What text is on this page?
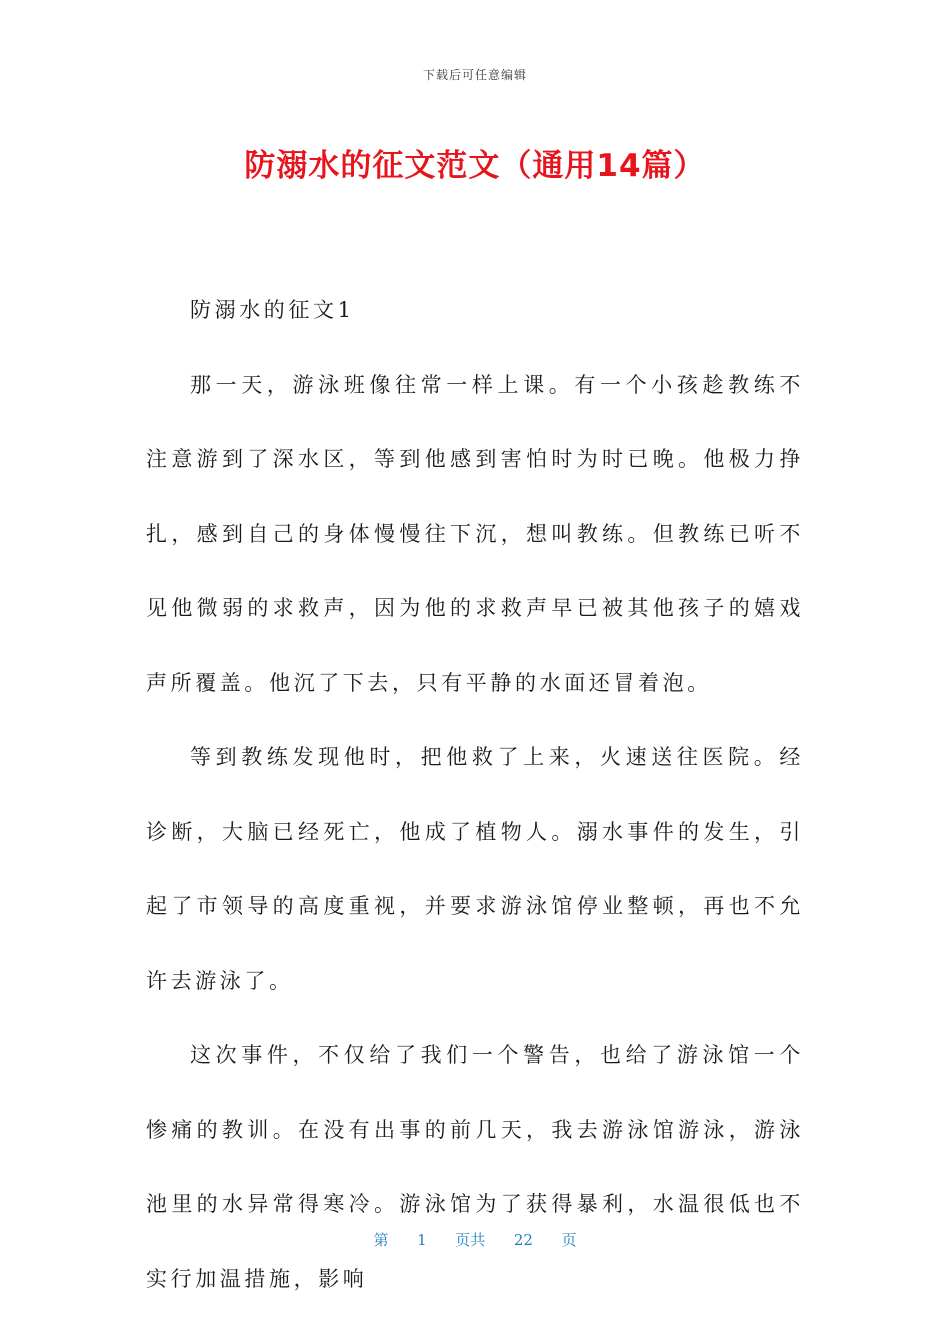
下载后可任意编辑
防溺水的征文范文（通用14篇）

防溺水的征文1

那一天，游泳班像往常一样上课。有一个小孩趁教练不注意游到了深水区，等到他感到害怕时为时已晚。他极力挣扎，感到自己的身体慢慢往下沉，想叫教练。但教练已听不见他微弱的求救声，因为他的求救声早已被其他孩子的嬉戏声所覆盖。他沉了下去，只有平静的水面还冒着泡。

等到教练发现他时，把他救了上来，火速送往医院。经诊断，大脑已经死亡，他成了植物人。溺水事件的发生，引起了市领导的高度重视，并要求游泳馆停业整顿，再也不允许去游泳了。

这次事件，不仅给了我们一个警告，也给了游泳馆一个惨痛的教训。在没有出事的前几天，我去游泳馆游泳，游泳池里的水异常得寒冷。游泳馆为了获得暴利，水温很低也不实行加温措施，影响

第 1 页共 22 页
